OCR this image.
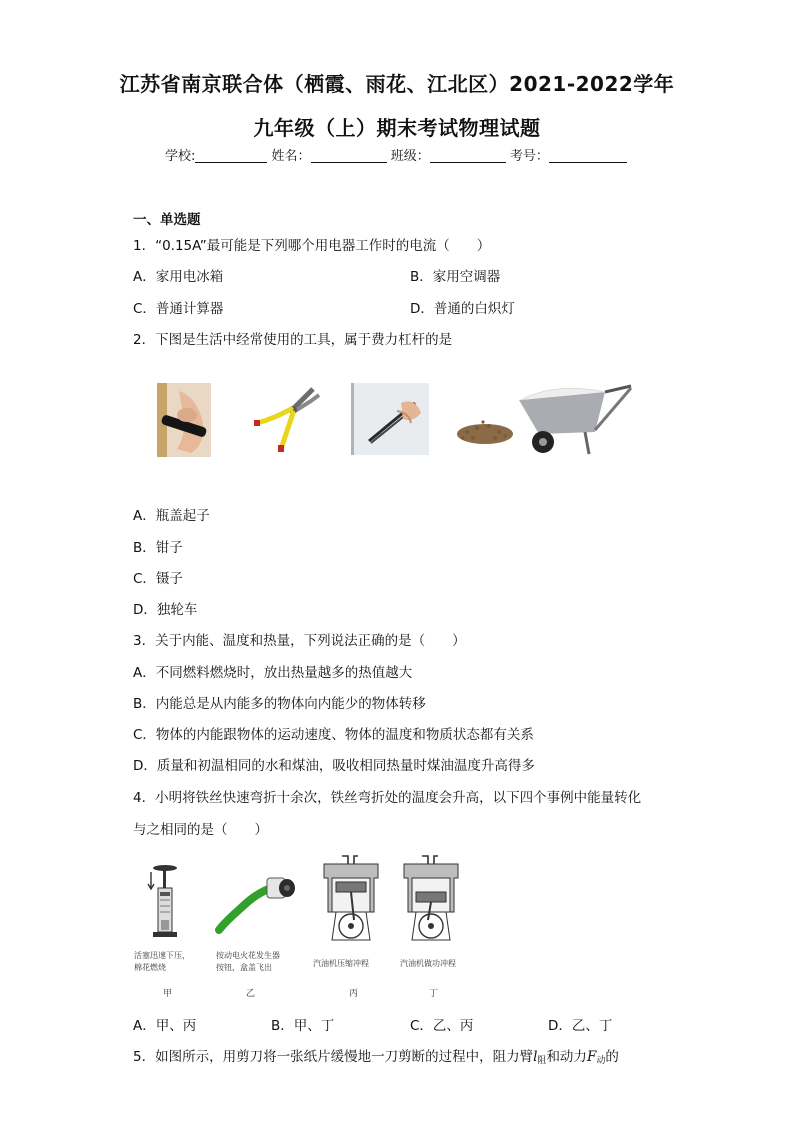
江苏省南京联合体（栖霞、雨花、江北区）2021-2022学年
九年级（上）期末考试物理试题
学校:	姓名：	班级：	考号：
一、单选题
1．“0.15A”最可能是下列哪个用电器工作时的电流（　　）
A．家用电冰箱	B．家用空调器
C．普通计算器	D．普通的白炽灯
2．下图是生活中经常使用的工具，属于费力杠杆的是
A．瓶盖起子
B．钳子
C．镊子
D．独轮车
3．关于内能、温度和热量，下列说法正确的是（　　）
A．不同燃料燃烧时，放出热量越多的热值越大
B．内能总是从内能多的物体向内能少的物体转移
C．物体的内能跟物体的运动速度、物体的温度和物质状态都有关系
D．质量和初温相同的水和煤油，吸收相同热量时煤油温度升高得多
4．小明将铁丝快速弯折十余次，铁丝弯折处的温度会升高，以下四个事例中能量转化
与之相同的是（　　）
活塞迅速下压，
棉花燃烧
按动电火花发生器
按钮，盒盖飞出	汽油机压缩冲程	汽油机做功冲程
甲	乙	丙	丁
A．甲、丙	B．甲、丁	C．乙、丙	D．乙、丁
5．如图所示，用剪刀将一张纸片缓慢地一刀剪断的过程中，阻力臂$l_阻$和动力$F_动$的
